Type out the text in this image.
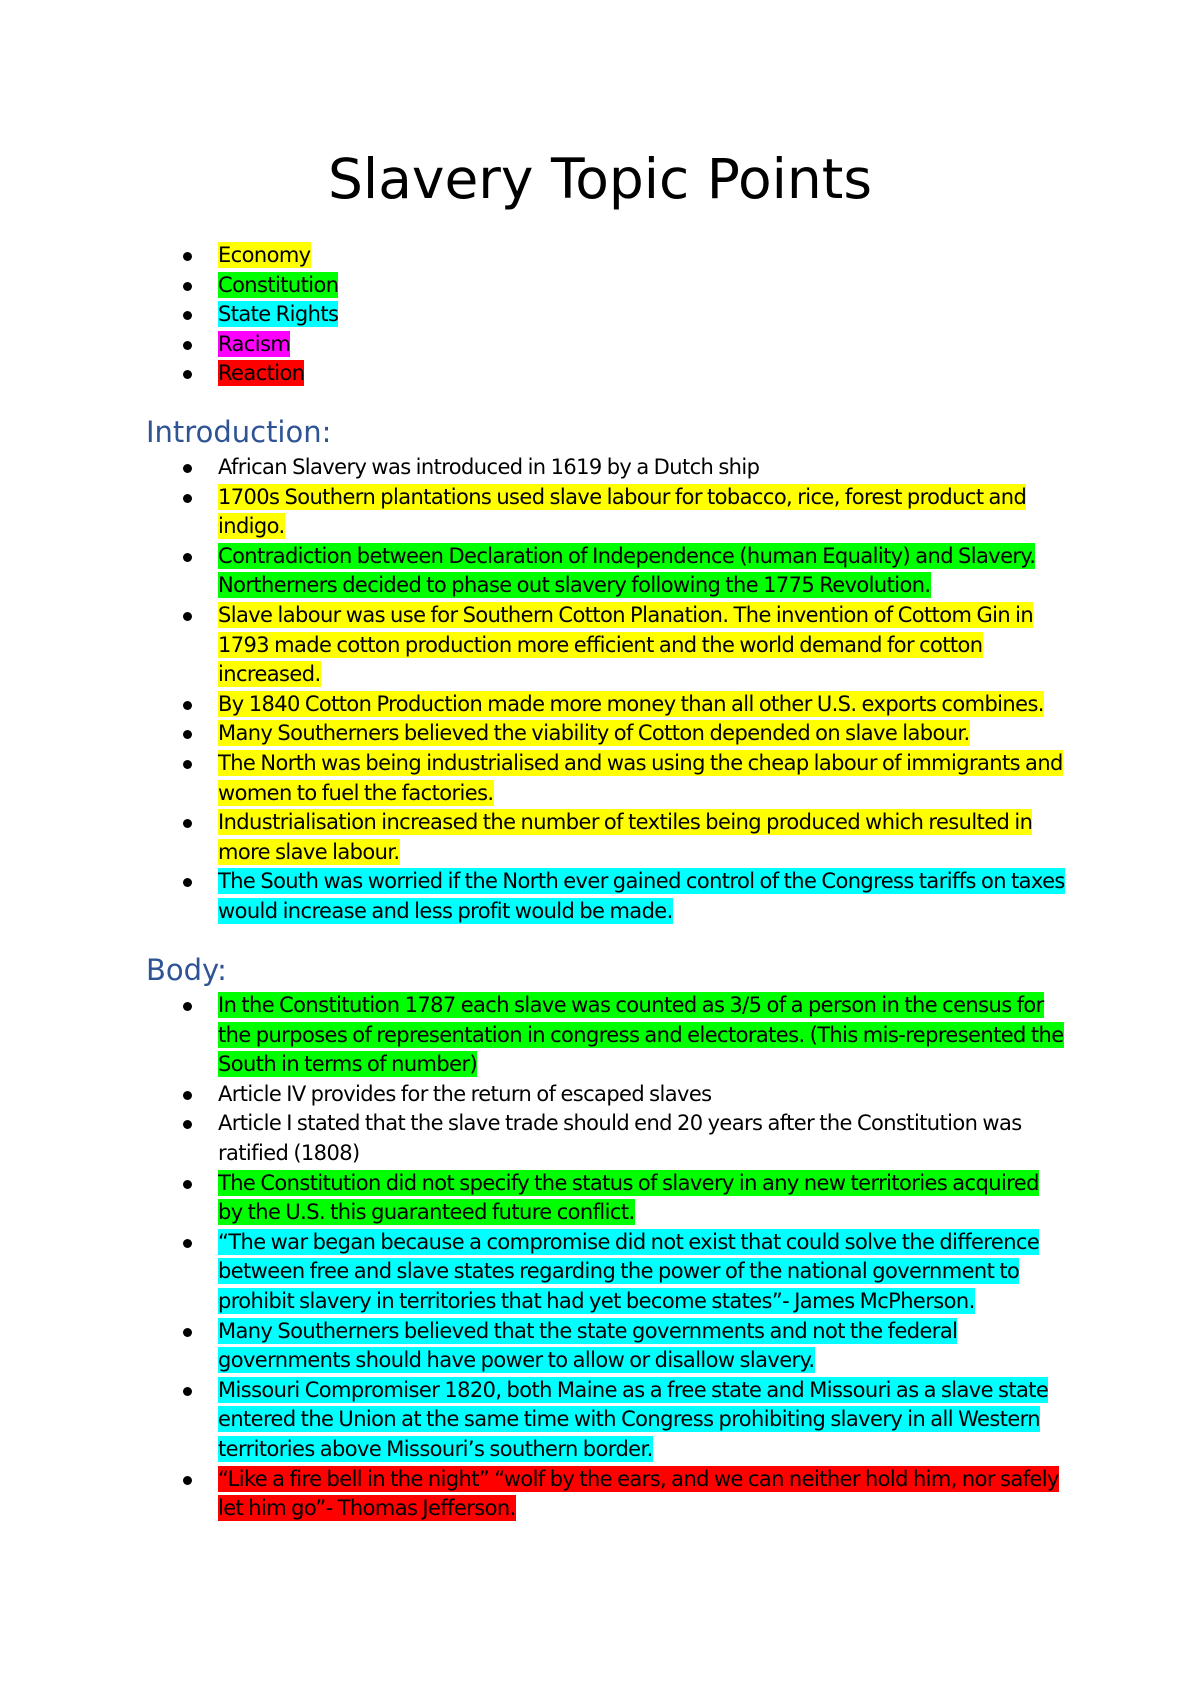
Slavery Topic Points
Economy
Constitution
State Rights
Racism
Reaction
Introduction:
African Slavery was introduced in 1619 by a Dutch ship
1700s Southern plantations used slave labour for tobacco, rice, forest product and indigo.
Contradiction between Declaration of Independence (human Equality) and Slavery. Northerners decided to phase out slavery following the 1775 Revolution.
Slave labour was use for Southern Cotton Planation. The invention of Cottom Gin in 1793 made cotton production more efficient and the world demand for cotton increased.
By 1840 Cotton Production made more money than all other U.S. exports combines.
Many Southerners believed the viability of Cotton depended on slave labour.
The North was being industrialised and was using the cheap labour of immigrants and women to fuel the factories.
Industrialisation increased the number of textiles being produced which resulted in more slave labour.
The South was worried if the North ever gained control of the Congress tariffs on taxes would increase and less profit would be made.
Body:
In the Constitution 1787 each slave was counted as 3/5 of a person in the census for the purposes of representation in congress and electorates. (This mis-represented the South in terms of number)
Article IV provides for the return of escaped slaves
Article I stated that the slave trade should end 20 years after the Constitution was ratified (1808)
The Constitution did not specify the status of slavery in any new territories acquired by the U.S. this guaranteed future conflict.
“The war began because a compromise did not exist that could solve the difference between free and slave states regarding the power of the national government to prohibit slavery in territories that had yet become states”- James McPherson.
Many Southerners believed that the state governments and not the federal governments should have power to allow or disallow slavery.
Missouri Compromiser 1820, both Maine as a free state and Missouri as a slave state entered the Union at the same time with Congress prohibiting slavery in all Western territories above Missouri’s southern border.
“Like a fire bell in the night” “wolf by the ears, and we can neither hold him, nor safely let him go”- Thomas Jefferson.
